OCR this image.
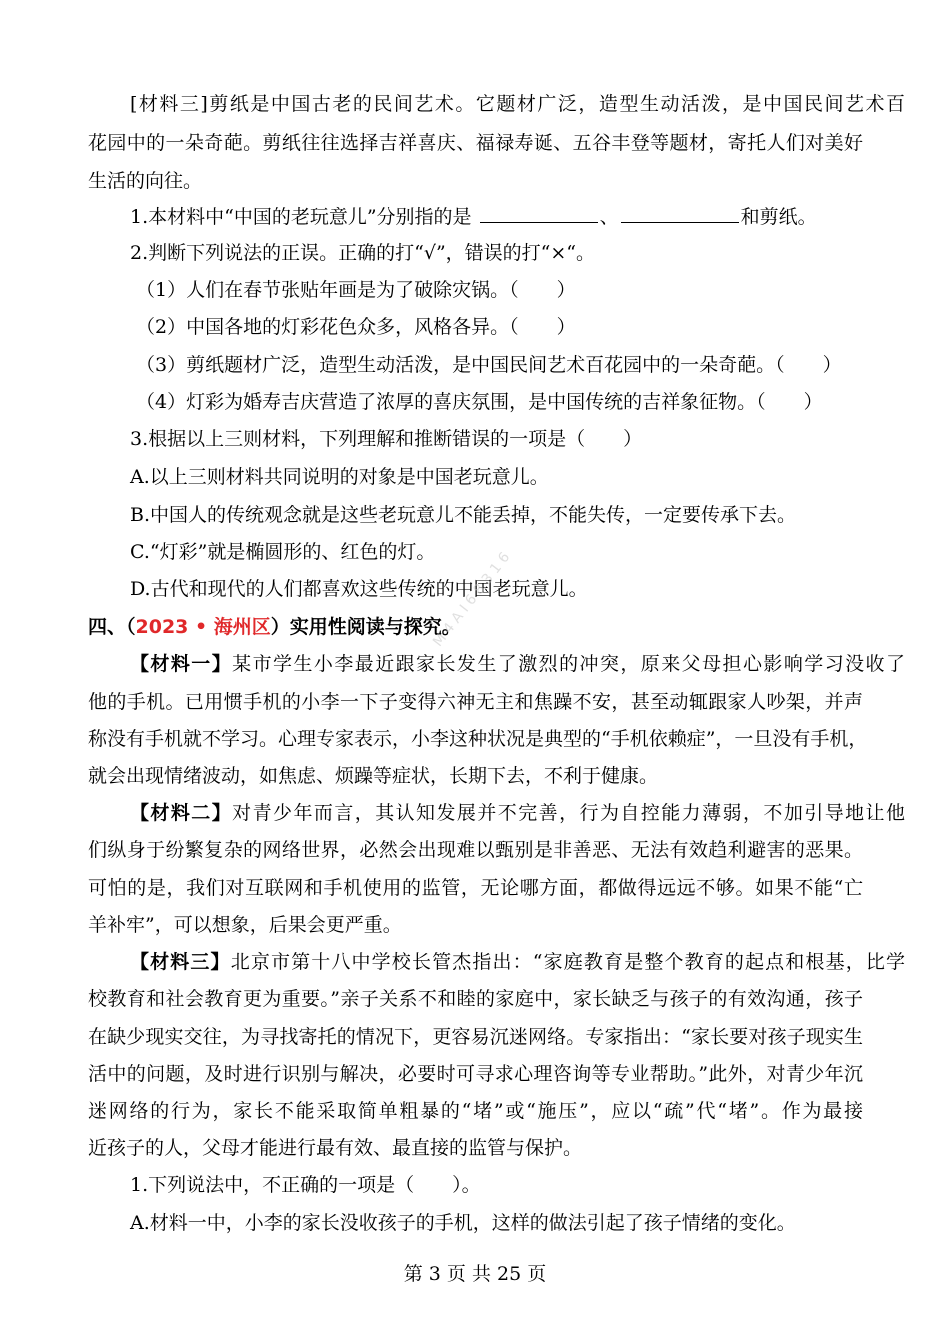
[材料三]剪纸是中国古老的民间艺术。它题材广泛，造型生动活泼，是中国民间艺术百
花园中的一朵奇葩。剪纸往往选择吉祥喜庆、福禄寿诞、五谷丰登等题材，寄托人们对美好
生活的向往。
1.本材料中“中国的老玩意儿”分别指的是	、	和剪纸。
2.判断下列说法的正误。正确的打“√”，错误的打“×“。
（1）人们在春节张贴年画是为了破除灾锅。（　　）
（2）中国各地的灯彩花色众多，风格各异。（　　）
（3）剪纸题材广泛，造型生动活泼，是中国民间艺术百花园中的一朵奇葩。（　　）
（4）灯彩为婚寿吉庆营造了浓厚的喜庆氛围，是中国传统的吉祥象征物。（　　）
3.根据以上三则材料，下列理解和推断错误的一项是（　　）
A.以上三则材料共同说明的对象是中国老玩意儿。
B.中国人的传统观念就是这些老玩意儿不能丢掉，不能失传，一定要传承下去。
C.“灯彩”就是椭圆形的、红色的灯。
D.古代和现代的人们都喜欢这些传统的中国老玩意儿。
四、（2023 • 海州区）实用性阅读与探究。
【材料一】某市学生小李最近跟家长发生了激烈的冲突，原来父母担心影响学习没收了
他的手机。已用惯手机的小李一下子变得六神无主和焦躁不安，甚至动辄跟家人吵架，并声
称没有手机就不学习。心理专家表示，小李这种状况是典型的“手机依赖症”，一旦没有手机，
就会出现情绪波动，如焦虑、烦躁等症状，长期下去，不利于健康。
【材料二】对青少年而言，其认知发展并不完善，行为自控能力薄弱，不加引导地让他
们纵身于纷繁复杂的网络世界，必然会出现难以甄别是非善恶、无法有效趋利避害的恶果。
可怕的是，我们对互联网和手机使用的监管，无论哪方面，都做得远远不够。如果不能“亡
羊补牢”，可以想象，后果会更严重。
【材料三】北京市第十八中学校长管杰指出：“家庭教育是整个教育的起点和根基，比学
校教育和社会教育更为重要。”亲子关系不和睦的家庭中，家长缺乏与孩子的有效沟通，孩子
在缺少现实交往，为寻找寄托的情况下，更容易沉迷网络。专家指出：“家长要对孩子现实生
活中的问题，及时进行识别与解决，必要时可寻求心理咨询等专业帮助。”此外，对青少年沉
迷网络的行为，家长不能采取简单粗暴的“堵”或“施压”，应以“疏”代“堵”。作为最接
近孩子的人，父母才能进行最有效、最直接的监管与保护。
1.下列说法中，不正确的一项是（　　）。
A.材料一中，小李的家长没收孩子的手机，这样的做法引起了孩子情绪的变化。
第 3 页 共 25 页
M 4 A I 6 8 3 1 6
